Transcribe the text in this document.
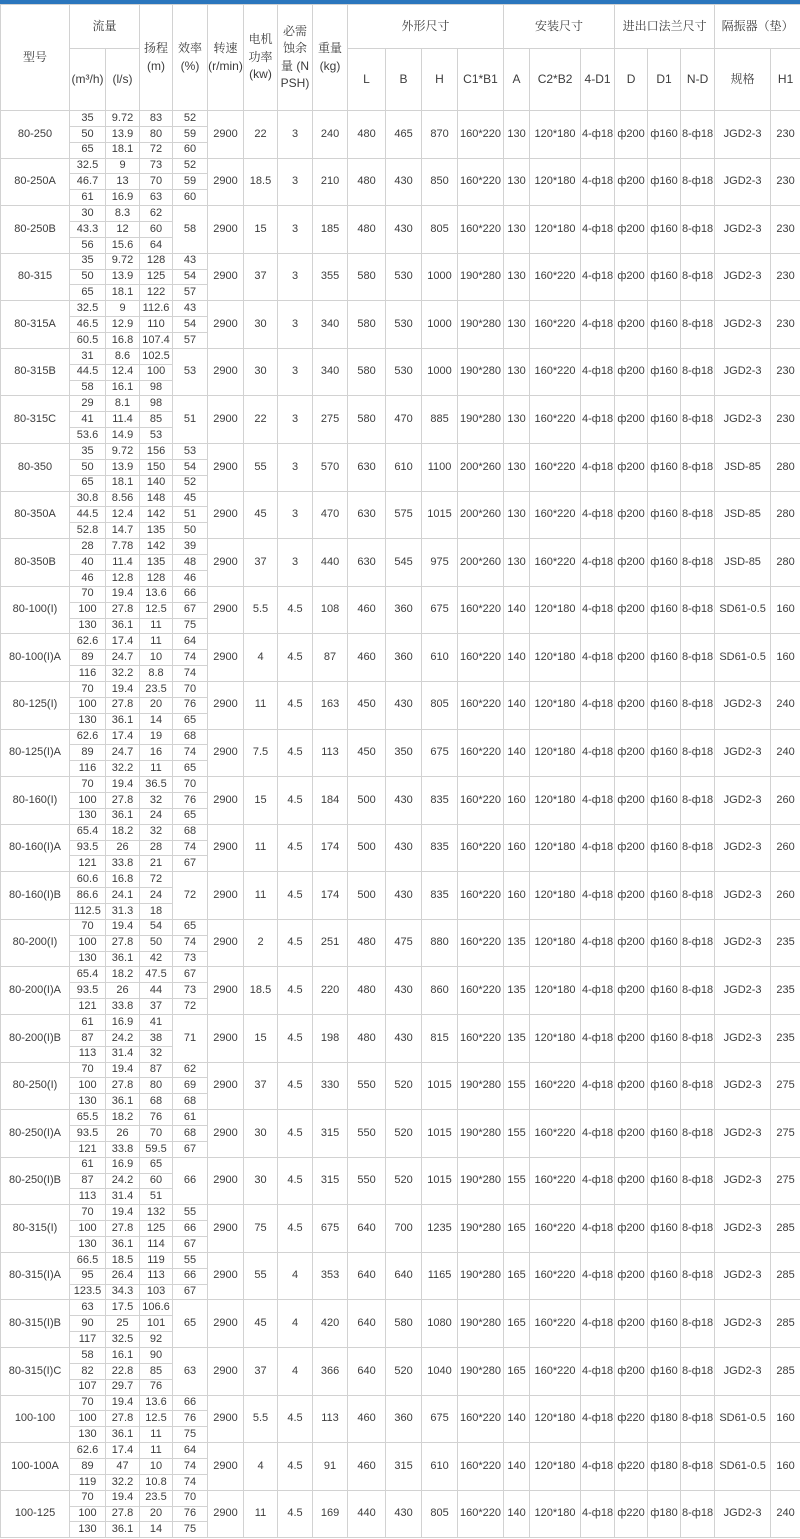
型号	流量		扬程 (m)	效率 (%)	转速 (r/min)	电机功率 (kw)	必需蚀余量 (NPSH)	重量 (kg)	外形尺寸				安装尺寸			进出口法兰尺寸			隔振器（垫）	
	(m³/h)	(l/s)							L	B	H	C1*B1	A	C2*B2	4-D1	D	D1	N-D	规格	H1
80-250	35	9.72	83	52	2900	22	3	240	480	465	870	160*220	130	120*180	4-ф18	ф200	ф160	8-ф18	JGD2-3	230
	50	13.9	80	59																
	65	18.1	72	60																
80-250A	32.5	9	73	52	2900	18.5	3	210	480	430	850	160*220	130	120*180	4-ф18	ф200	ф160	8-ф18	JGD2-3	230
	46.7	13	70	59																
	61	16.9	63	60																
80-250B	30	8.3	62	58	2900	15	3	185	480	430	805	160*220	130	120*180	4-ф18	ф200	ф160	8-ф18	JGD2-3	230
	43.3	12	60																	
	56	15.6	64																	
80-315	35	9.72	128	43	2900	37	3	355	580	530	1000	190*280	130	160*220	4-ф18	ф200	ф160	8-ф18	JGD2-3	230
	50	13.9	125	54																
	65	18.1	122	57																
80-315A	32.5	9	112.6	43	2900	30	3	340	580	530	1000	190*280	130	160*220	4-ф18	ф200	ф160	8-ф18	JGD2-3	230
	46.5	12.9	110	54																
	60.5	16.8	107.4	57																
80-315B	31	8.6	102.5	53	2900	30	3	340	580	530	1000	190*280	130	160*220	4-ф18	ф200	ф160	8-ф18	JGD2-3	230
	44.5	12.4	100																	
	58	16.1	98																	
80-315C	29	8.1	98	51	2900	22	3	275	580	470	885	190*280	130	160*220	4-ф18	ф200	ф160	8-ф18	JGD2-3	230
	41	11.4	85																	
	53.6	14.9	53																	
80-350	35	9.72	156	53	2900	55	3	570	630	610	1100	200*260	130	160*220	4-ф18	ф200	ф160	8-ф18	JSD-85	280
	50	13.9	150	54																
	65	18.1	140	52																
80-350A	30.8	8.56	148	45	2900	45	3	470	630	575	1015	200*260	130	160*220	4-ф18	ф200	ф160	8-ф18	JSD-85	280
	44.5	12.4	142	51																
	52.8	14.7	135	50																
80-350B	28	7.78	142	39	2900	37	3	440	630	545	975	200*260	130	160*220	4-ф18	ф200	ф160	8-ф18	JSD-85	280
	40	11.4	135	48																
	46	12.8	128	46																
80-100(I)	70	19.4	13.6	66	2900	5.5	4.5	108	460	360	675	160*220	140	120*180	4-ф18	ф200	ф160	8-ф18	SD61-0.5	160
	100	27.8	12.5	67																
	130	36.1	11	75																
80-100(I)A	62.6	17.4	11	64	2900	4	4.5	87	460	360	610	160*220	140	120*180	4-ф18	ф200	ф160	8-ф18	SD61-0.5	160
	89	24.7	10	74																
	116	32.2	8.8	74																
80-125(I)	70	19.4	23.5	70	2900	11	4.5	163	450	430	805	160*220	140	120*180	4-ф18	ф200	ф160	8-ф18	JGD2-3	240
	100	27.8	20	76																
	130	36.1	14	65																
80-125(I)A	62.6	17.4	19	68	2900	7.5	4.5	113	450	350	675	160*220	140	120*180	4-ф18	ф200	ф160	8-ф18	JGD2-3	240
	89	24.7	16	74																
	116	32.2	11	65																
80-160(I)	70	19.4	36.5	70	2900	15	4.5	184	500	430	835	160*220	160	120*180	4-ф18	ф200	ф160	8-ф18	JGD2-3	260
	100	27.8	32	76																
	130	36.1	24	65																
80-160(I)A	65.4	18.2	32	68	2900	11	4.5	174	500	430	835	160*220	160	120*180	4-ф18	ф200	ф160	8-ф18	JGD2-3	260
	93.5	26	28	74																
	121	33.8	21	67																
80-160(I)B	60.6	16.8	72	72	2900	11	4.5	174	500	430	835	160*220	160	120*180	4-ф18	ф200	ф160	8-ф18	JGD2-3	260
	86.6	24.1	24																	
	112.5	31.3	18																	
80-200(I)	70	19.4	54	65	2900	2	4.5	251	480	475	880	160*220	135	120*180	4-ф18	ф200	ф160	8-ф18	JGD2-3	235
	100	27.8	50	74																
	130	36.1	42	73																
80-200(I)A	65.4	18.2	47.5	67	2900	18.5	4.5	220	480	430	860	160*220	135	120*180	4-ф18	ф200	ф160	8-ф18	JGD2-3	235
	93.5	26	44	73																
	121	33.8	37	72																
80-200(I)B	61	16.9	41	71	2900	15	4.5	198	480	430	815	160*220	135	120*180	4-ф18	ф200	ф160	8-ф18	JGD2-3	235
	87	24.2	38																	
	113	31.4	32																	
80-250(I)	70	19.4	87	62	2900	37	4.5	330	550	520	1015	190*280	155	160*220	4-ф18	ф200	ф160	8-ф18	JGD2-3	275
	100	27.8	80	69																
	130	36.1	68	68																
80-250(I)A	65.5	18.2	76	61	2900	30	4.5	315	550	520	1015	190*280	155	160*220	4-ф18	ф200	ф160	8-ф18	JGD2-3	275
	93.5	26	70	68																
	121	33.8	59.5	67																
80-250(I)B	61	16.9	65	66	2900	30	4.5	315	550	520	1015	190*280	155	160*220	4-ф18	ф200	ф160	8-ф18	JGD2-3	275
	87	24.2	60																	
	113	31.4	51																	
80-315(I)	70	19.4	132	55	2900	75	4.5	675	640	700	1235	190*280	165	160*220	4-ф18	ф200	ф160	8-ф18	JGD2-3	285
	100	27.8	125	66																
	130	36.1	114	67																
80-315(I)A	66.5	18.5	119	55	2900	55	4	353	640	640	1165	190*280	165	160*220	4-ф18	ф200	ф160	8-ф18	JGD2-3	285
	95	26.4	113	66																
	123.5	34.3	103	67																
80-315(I)B	63	17.5	106.6	65	2900	45	4	420	640	580	1080	190*280	165	160*220	4-ф18	ф200	ф160	8-ф18	JGD2-3	285
	90	25	101																	
	117	32.5	92																	
80-315(I)C	58	16.1	90	63	2900	37	4	366	640	520	1040	190*280	165	160*220	4-ф18	ф200	ф160	8-ф18	JGD2-3	285
	82	22.8	85																	
	107	29.7	76																	
100-100	70	19.4	13.6	66	2900	5.5	4.5	113	460	360	675	160*220	140	120*180	4-ф18	ф220	ф180	8-ф18	SD61-0.5	160
	100	27.8	12.5	76																
	130	36.1	11	75																
100-100A	62.6	17.4	11	64	2900	4	4.5	91	460	315	610	160*220	140	120*180	4-ф18	ф220	ф180	8-ф18	SD61-0.5	160
	89	47	10	74																
	119	32.2	10.8	74																
100-125	70	19.4	23.5	70	2900	11	4.5	169	440	430	805	160*220	140	120*180	4-ф18	ф220	ф180	8-ф18	JGD2-3	240
	100	27.8	20	76																
	130	36.1	14	75																
